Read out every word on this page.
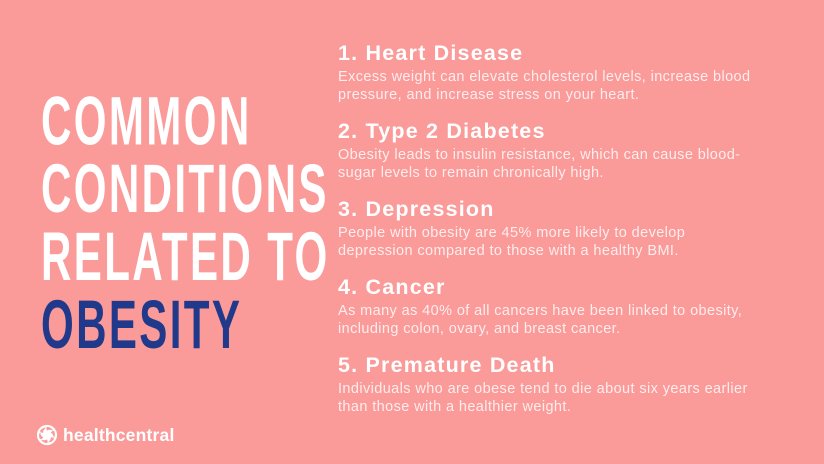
COMMON
CONDITIONS
RELATED TO
OBESITY
1. Heart Disease
Excess weight can elevate cholesterol levels, increase blood
pressure, and increase stress on your heart.
2. Type 2 Diabetes
Obesity leads to insulin resistance, which can cause blood-
sugar levels to remain chronically high.
3. Depression
People with obesity are 45% more likely to develop
depression compared to those with a healthy BMI.
4. Cancer
As many as 40% of all cancers have been linked to obesity,
including colon, ovary, and breast cancer.
5. Premature Death
Individuals who are obese tend to die about six years earlier
than those with a healthier weight.
healthcentral
